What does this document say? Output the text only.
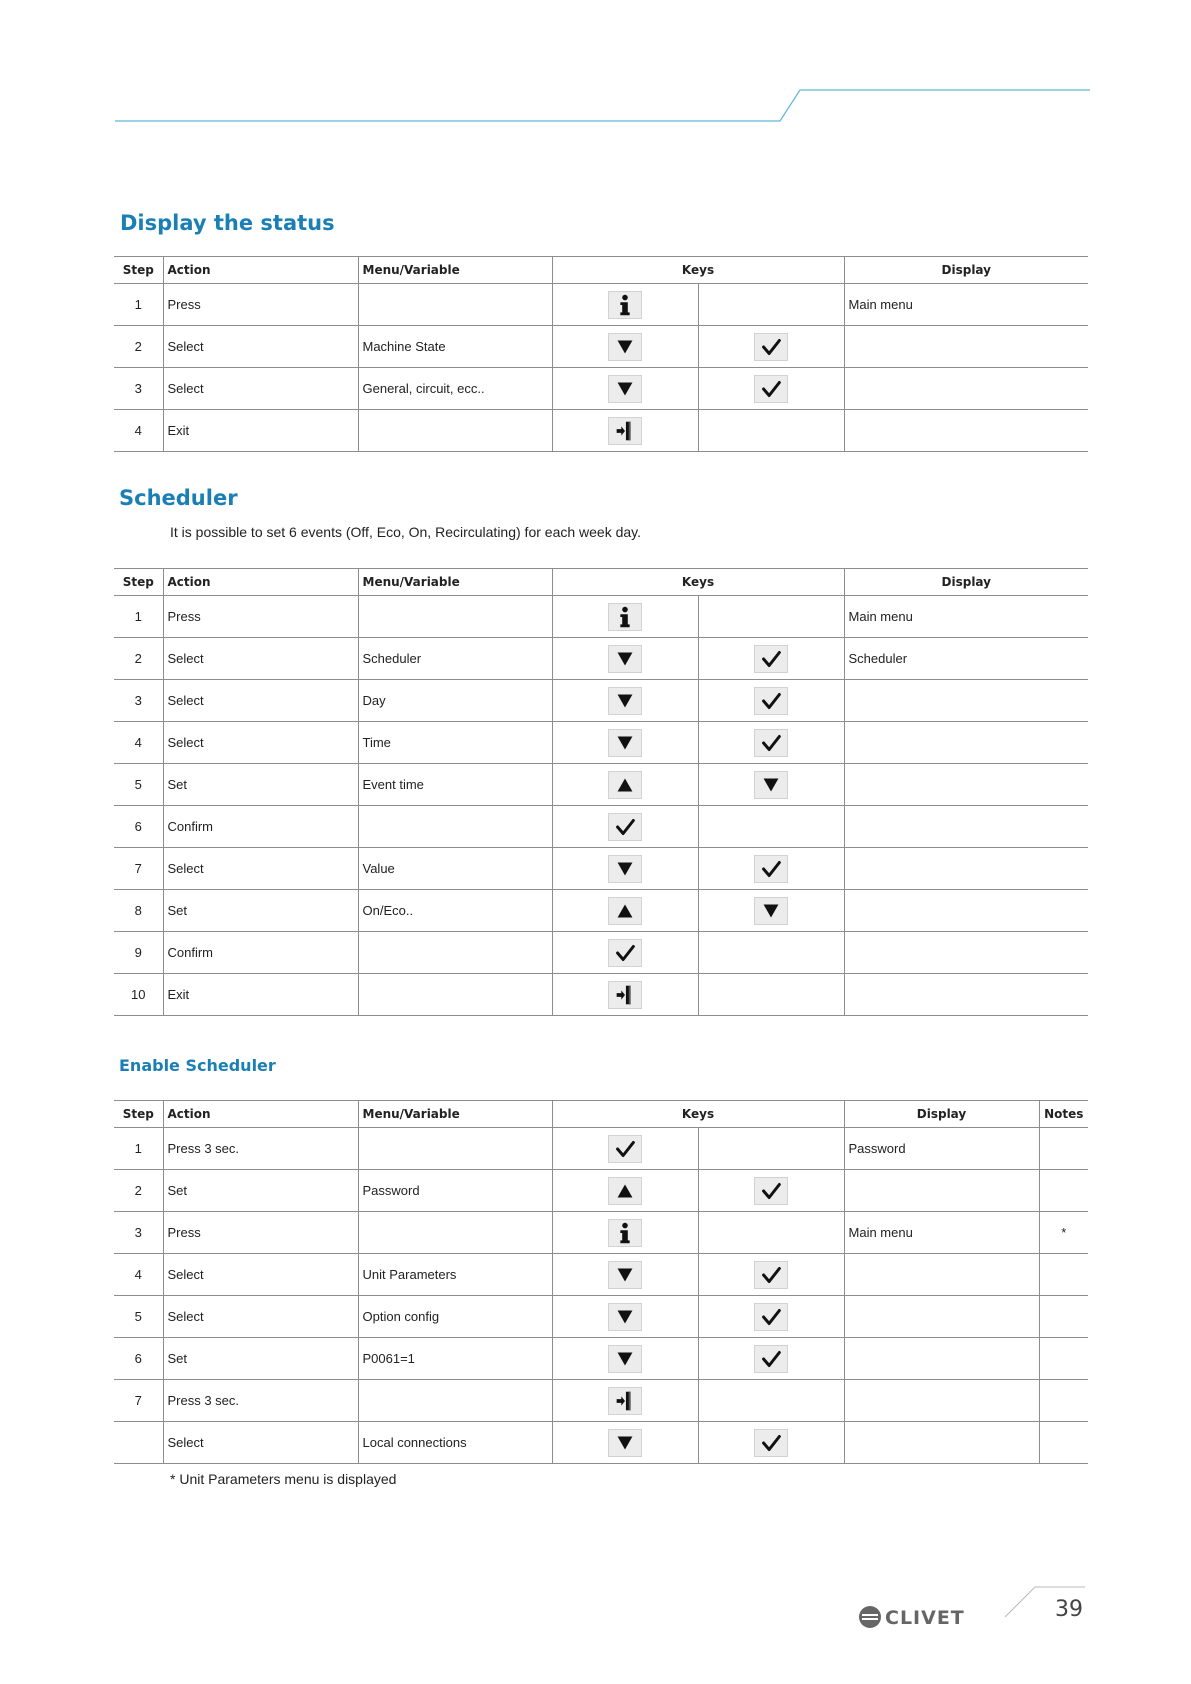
Display the status
Step	Action	Menu/Variable	Keys		Display
1	Press				Main menu
2	Select	Machine State	

3	Select	General, circuit, ecc..	

4	Exit		

Scheduler

It is possible to set 6 events (Off, Eco, On, Recirculating) for each week day.

Step	Action	Menu/Variable	Keys		Display
1	Press				Main menu
2	Select	Scheduler			Scheduler
3	Select	Day	

4	Select	Time	

5	Set	Event time	

6	Confirm		

7	Select	Value	

8	Set	On/Eco..	

9	Confirm		

10	Exit		

Enable Scheduler
Step	Action	Menu/Variable	Keys		Display	Notes
1	Press 3 sec.				Password	
2	Set	Password	

3	Press				Main menu	*
4	Select	Unit Parameters	

5	Select	Option config	

6	Set	P0061=1	

7	Press 3 sec.		

	Select	Local connections	

* Unit Parameters menu is displayed

CLIVET	39
